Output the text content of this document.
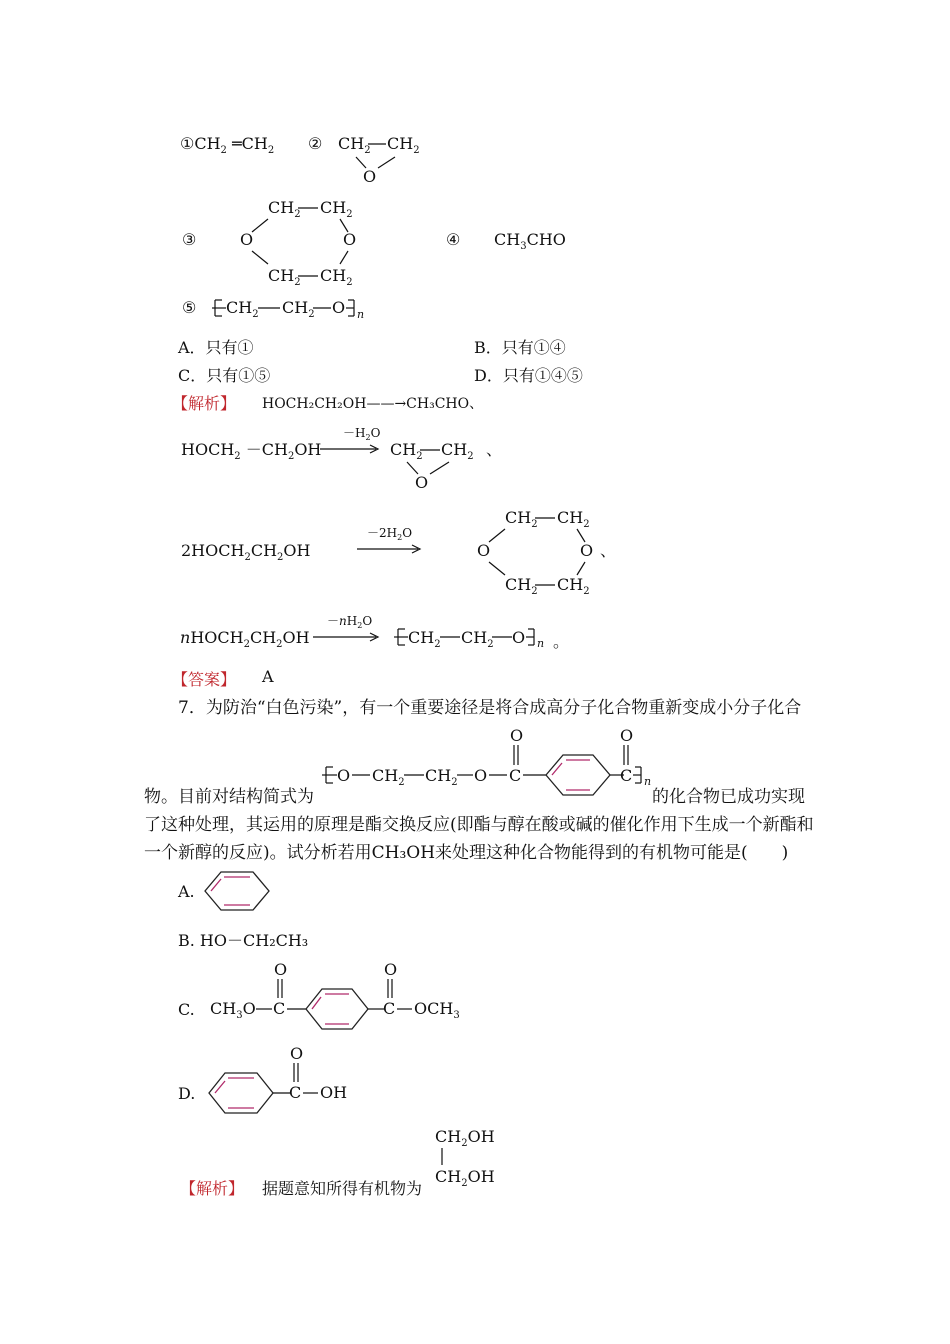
$①CH_2$ $═CH_2$ ② $CH_2$ $CH_2$
O
③
$CH_2$ $CH_2$
O	O
$CH_2$ $CH_2$
④ $CH_3CHO$
⑤ $CH_2$ $CH_2$ O n
A．只有①	B．只有①④
C．只有①⑤	D．只有①④⑤
【解析】 HOCH₂CH₂OH——→CH₃CHO、
$HOCH_2 -CH_2OH$
$-H_2O$
$CH_2$ $CH_2$
O
、
$2HOCH_2CH_2OH$
$-2H_2O$
$CH_2$ $CH_2$
O	O
$CH_2$ $CH_2$
、
$nHOCH_2CH_2OH$
$-nH_2O$
$CH_2$ $CH_2$ O n 。
【答案】 A
7．为防治“白色污染”，有一个重要途径是将合成高分子化合物重新变成小分子化合
物。目前对结构简式为
O $CH_2$ $CH_2$ O
O
C
O
C n
的化合物已成功实现
了这种处理，其运用的原理是酯交换反应(即酯与醇在酸或碱的催化作用下生成一个新酯和
一个新醇的反应)。试分析若用CH₃OH来处理这种化合物能得到的有机物可能是(　　)
A.
B. HO－CH₂CH₃
C. $CH_3O$
O
C
O
C $OCH_3$
D.
O
C OH
【解析】 据题意知所得有机物为
$CH_2OH$
$CH_2OH$
